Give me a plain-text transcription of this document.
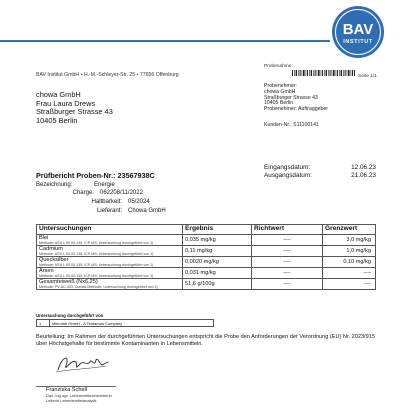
BAV
INSTITUT
BAV Institut GmbH • H.-M.-Schleyer-Str. 25 • 77656 Offenburg
Probenahme:
Seite 1/1
Probenehmer:
chowa GmbH
Straßburger Strasse 43
10405 Berlin
Probenehmer: Auftraggeber
Kunden-Nr.: S11100141
chowa GmbH
Frau Laura Drews
Straßburger Strasse 43
10405 Berlin
Eingangsdatum:	12.06.23
Ausgangsdatum:	21.06.23
Prüfbericht Proben-Nr.: 23567938C
Bezeichnung:	Energie
Charge:	062208/11/2022
Haltbarkeit:	05/2024
Lieferant:	Chowa GmbH
Untersuchungen	Ergebnis	Richtwert	Grenzwert
Blei
Methode: ASU L 00.00-135, ICP-MS; Untersuchung durchgeführt von 1)	0,035 mg/kg	----	3,0 mg/kg
Cadmium
Methode: ASU L 00.00-135, ICP-MS; Untersuchung durchgeführt von 1)	0,11 mg/kg	----	1,0 mg/kg
Quecksilber
Methode: ASU L 00.00-135, ICP-MS; Untersuchung durchgeführt von 1)	0,0020 mg/kg	----	0,10 mg/kg
Arsen
Methode: ASU L 00.00-135, ICP-MS; Untersuchung durchgeführt von 1)	0,031 mg/kg	----	----
Gesamteiweiß (Nx6,25)
Methode: PV-AC-003, Dumas Methode; Untersuchung durchgeführt von 1)	51,6 g/100g	----	----
Untersuchung durchgeführt von
1	Mikrolab GmbH - A Tentamus Company
Beurteilung: Im Rahmen der durchgeführten Untersuchungen entspricht die Probe den Anforderungen der Verordnung (EU) Nr. 2023/915 über Höchstgehalte für bestimmte Kontaminanten in Lebensmitteln.
Franziska Schell
Dipl.-Ing.agr. Lebensmittelchemikerin
Leiterin Lebensmittelanalytik
